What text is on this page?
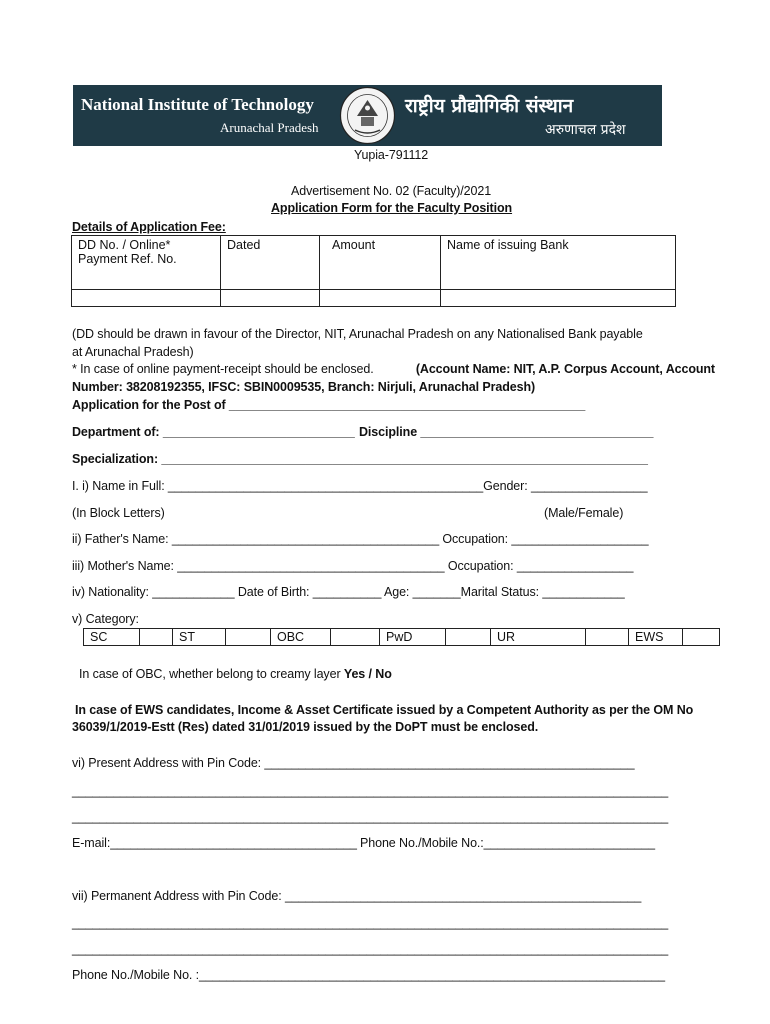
National Institute of Technology
Arunachal Pradesh
राष्ट्रीय प्रौद्योगिकी संस्थान
अरुणाचल प्रदेश
Yupia-791112
Advertisement No. 02 (Faculty)/2021
Application Form for the Faculty Position
Details of Application Fee:
DD No. / Online*
Payment Ref. No.	Dated	Amount	Name of issuing Bank

(DD should be drawn in favour of the Director, NIT, Arunachal Pradesh on any Nationalised Bank payable
at Arunachal Pradesh)
* In case of online payment-receipt should be enclosed.	(Account Name: NIT, A.P. Corpus Account, Account
Number: 38208192355, IFSC: SBIN0009535, Branch: Nirjuli, Arunachal Pradesh)
Application for the Post of ____________________________________________________
Department of: ____________________________ Discipline __________________________________
Specialization: _______________________________________________________________________
I. i) Name in Full: ______________________________________________Gender: _________________
(In Block Letters)	(Male/Female)
ii) Father's Name: _______________________________________ Occupation: ____________________
iii) Mother's Name: _______________________________________ Occupation: _________________
iv) Nationality: ____________ Date of Birth: __________ Age: _______Marital Status: ____________
v) Category:
SC		ST		OBC		PwD		UR		EWS	
In case of OBC, whether belong to creamy layer Yes / No
In case of EWS candidates, Income & Asset Certificate issued by a Competent Authority as per the OM No
36039/1/2019-Estt (Res) dated 31/01/2019 issued by the DoPT must be enclosed.
vi) Present Address with Pin Code: ______________________________________________________
_______________________________________________________________________________________
_______________________________________________________________________________________
E-mail:____________________________________ Phone No./Mobile No.:_________________________
vii) Permanent Address with Pin Code: ____________________________________________________
_______________________________________________________________________________________
_______________________________________________________________________________________
Phone No./Mobile No. :____________________________________________________________________
